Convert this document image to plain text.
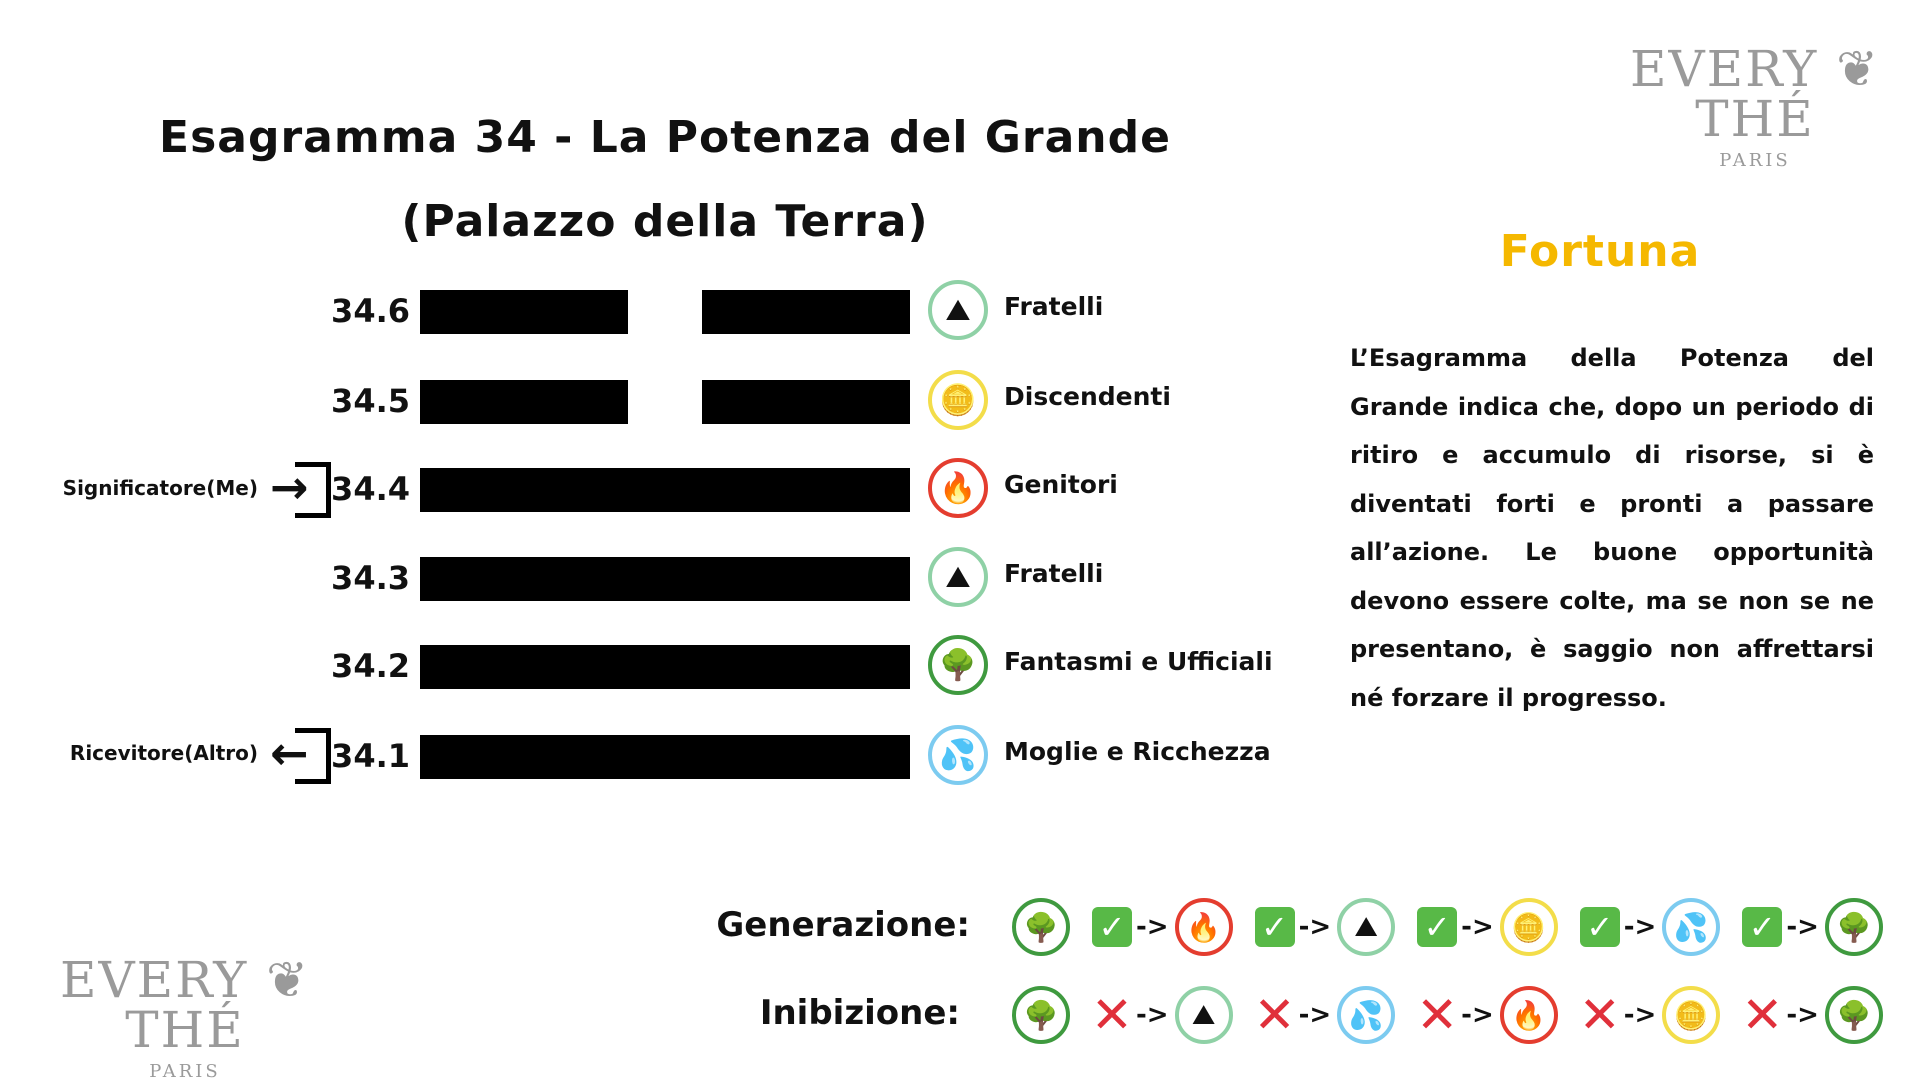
Esagramma 34 - La Potenza del Grande
(Palazzo della Terra)
34.6	⛰	Fratelli
34.5	🪙	Discendenti
34.4	🔥	Genitori
34.3	⛰	Fratelli
34.2	🌳	Fantasmi e Ufficiali
34.1	💦	Moglie e Ricchezza
Significatore(Me) →
Ricevitore(Altro) ←
Fortuna
L’Esagramma della Potenza del Grande indica che, dopo un periodo di ritiro e accumulo di risorse, si è diventati forti e pronti a passare all’azione. Le buone opportunità devono essere colte, ma se non se ne presentano, è saggio non affrettarsi né forzare il progresso.
EVERY ❦ THÉ
PARIS
EVERY ❦ THÉ
PARIS
Generazione:	🌳	✓ -> 🔥	✓ -> ⛰	✓ -> 🪙	✓ -> 💦	✓ -> 🌳
Inibizione:	🌳 ✕ -> ⛰ ✕ -> 💦 ✕ -> 🔥 ✕ -> 🪙 ✕ -> 🌳
